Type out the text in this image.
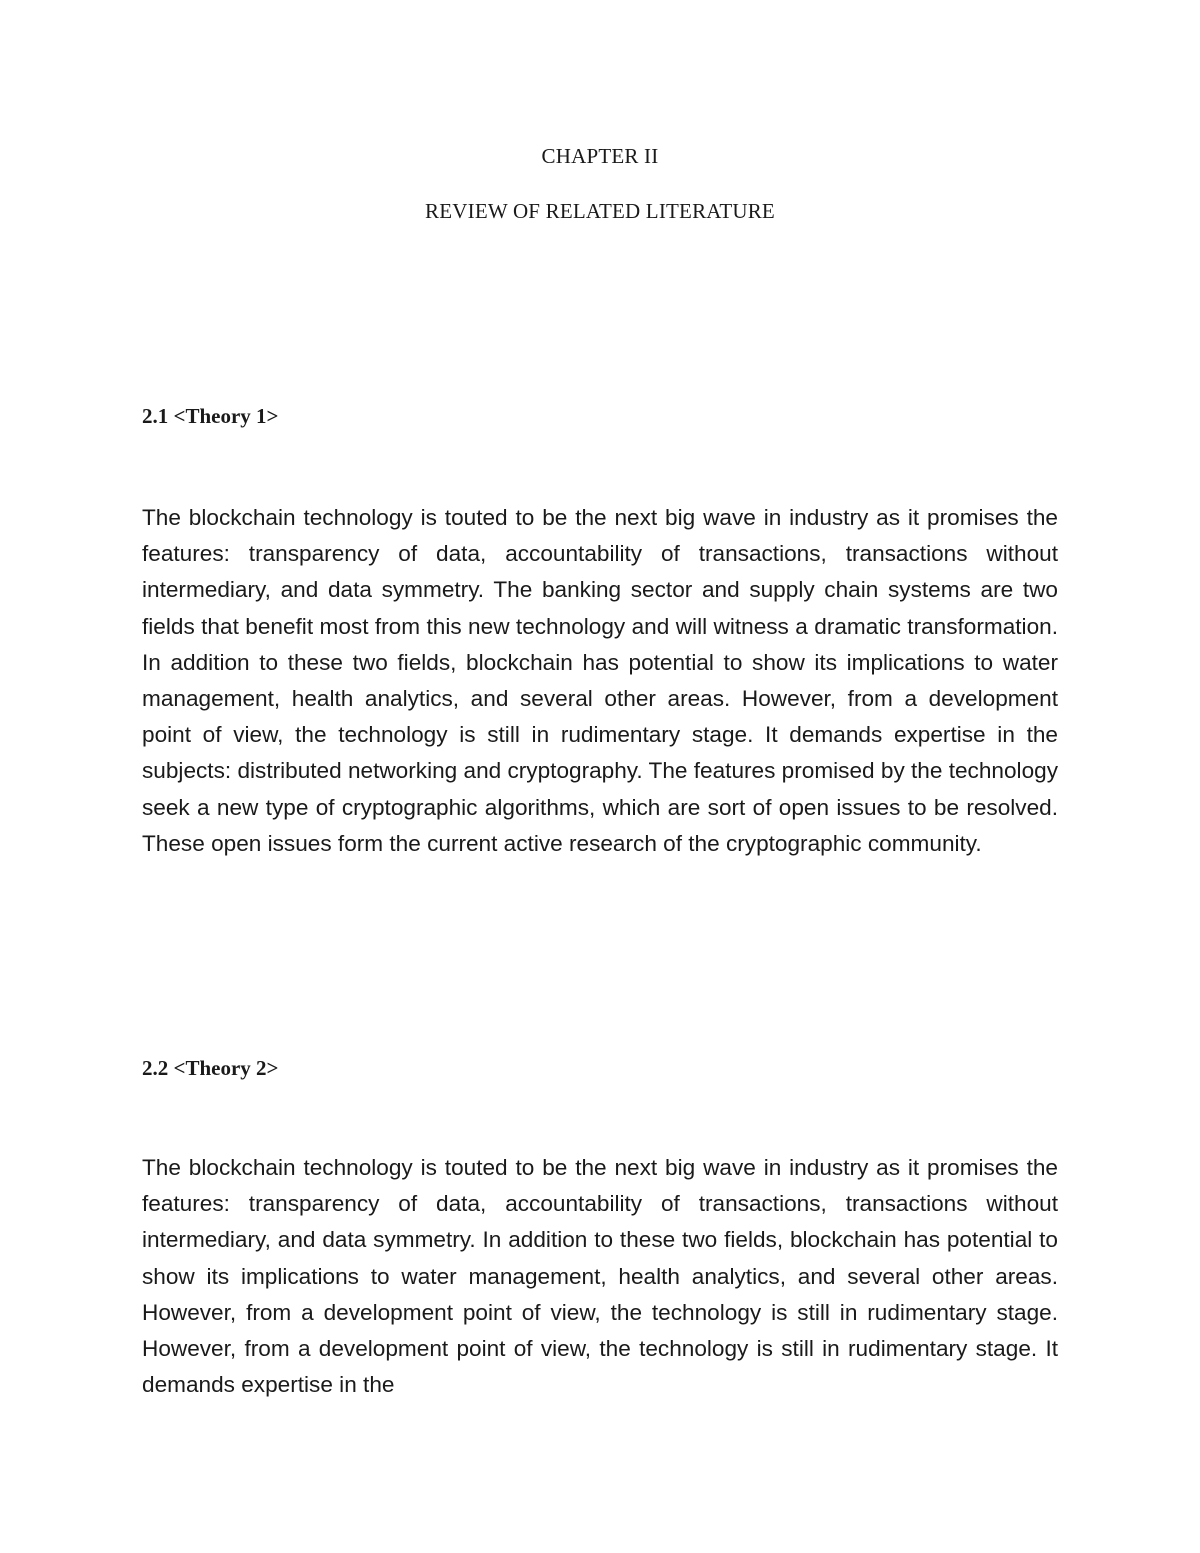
CHAPTER II
REVIEW OF RELATED LITERATURE
2.1 <Theory 1>

The blockchain technology is touted to be the next big wave in industry as it promises the features: transparency of data, accountability of transactions, transactions without intermediary, and data symmetry. The banking sector and supply chain systems are two fields that benefit most from this new technology and will witness a dramatic transformation. In addition to these two fields, blockchain has potential to show its implications to water management, health analytics, and several other areas. However, from a development point of view, the technology is still in rudimentary stage. It demands expertise in the subjects: distributed networking and cryptography. The features promised by the technology seek a new type of cryptographic algorithms, which are sort of open issues to be resolved. These open issues form the current active research of the cryptographic community.

2.2 <Theory 2>

The blockchain technology is touted to be the next big wave in industry as it promises the features: transparency of data, accountability of transactions, transactions without intermediary, and data symmetry. In addition to these two fields, blockchain has potential to show its implications to water management, health analytics, and several other areas. However, from a development point of view, the technology is still in rudimentary stage. However, from a development point of view, the technology is still in rudimentary stage. It demands expertise in the
